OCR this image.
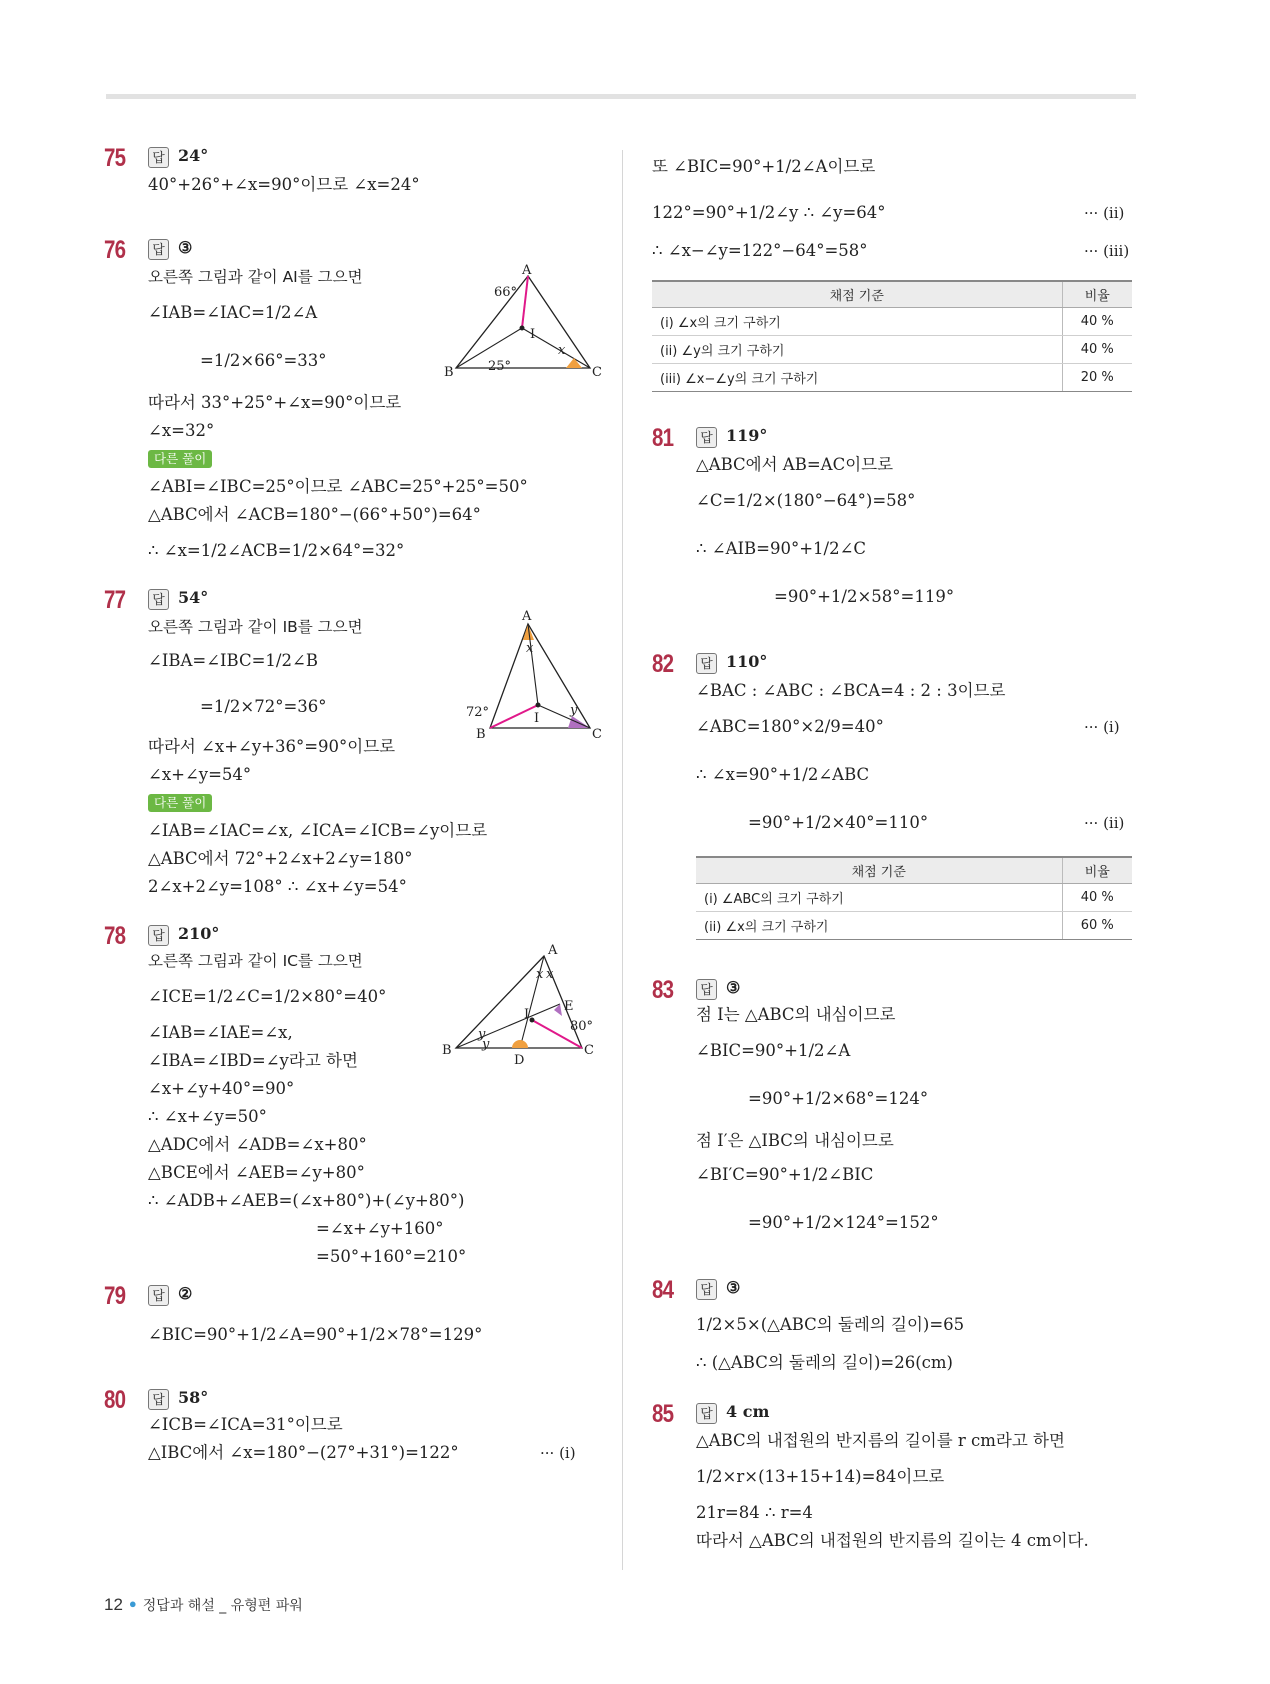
75	답 24°
40°+26°+∠x=90°이므로 ∠x=24°
76	답 ③
오른쪽 그림과 같이 AI를 그으면
∠IAB=∠IAC=1/2∠A
=1/2×66°=33°
따라서 33°+25°+∠x=90°이므로
∠x=32°
다른 풀이
∠ABI=∠IBC=25°이므로 ∠ABC=25°+25°=50°
△ABC에서 ∠ACB=180°−(66°+50°)=64°
∴ ∠x=1/2∠ACB=1/2×64°=32°
A
B	C
I
66°
25°
x
77	답 54°
오른쪽 그림과 같이 IB를 그으면
∠IBA=∠IBC=1/2∠B
=1/2×72°=36°
따라서 ∠x+∠y+36°=90°이므로
∠x+∠y=54°
다른 풀이
∠IAB=∠IAC=∠x, ∠ICA=∠ICB=∠y이므로
△ABC에서 72°+2∠x+2∠y=180°
2∠x+2∠y=108° ∴ ∠x+∠y=54°
A
B	C
I
72°
x
y
78	답 210°
오른쪽 그림과 같이 IC를 그으면
∠ICE=1/2∠C=1/2×80°=40°
∠IAB=∠IAE=∠x,
∠IBA=∠IBD=∠y라고 하면
∠x+∠y+40°=90°
∴ ∠x+∠y=50°
△ADC에서 ∠ADB=∠x+80°
△BCE에서 ∠AEB=∠y+80°
∴ ∠ADB+∠AEB=(∠x+80°)+(∠y+80°)
=∠x+∠y+160°
=50°+160°=210°
A
B	C
D
E
I
80°
x x
y
y
79	답 ②
∠BIC=90°+1/2∠A=90°+1/2×78°=129°
80	답 58°
∠ICB=∠ICA=31°이므로
△IBC에서 ∠x=180°−(27°+31°)=122°	··· (i)
또 ∠BIC=90°+1/2∠A이므로
122°=90°+1/2∠y ∴ ∠y=64°	··· (ii)
∴ ∠x−∠y=122°−64°=58°	··· (iii)
채점 기준	비율
(i) ∠x의 크기 구하기	40 %
(ii) ∠y의 크기 구하기	40 %
(iii) ∠x−∠y의 크기 구하기	20 %
81	답 119°
△ABC에서 AB=AC이므로
∠C=1/2×(180°−64°)=58°
∴ ∠AIB=90°+1/2∠C
=90°+1/2×58°=119°
82	답 110°
∠BAC : ∠ABC : ∠BCA=4 : 2 : 3이므로
∠ABC=180°×2/9=40°	··· (i)
∴ ∠x=90°+1/2∠ABC
=90°+1/2×40°=110°	··· (ii)
채점 기준	비율
(i) ∠ABC의 크기 구하기	40 %
(ii) ∠x의 크기 구하기	60 %
83	답 ③
점 I는 △ABC의 내심이므로
∠BIC=90°+1/2∠A
=90°+1/2×68°=124°
점 I′은 △IBC의 내심이므로
∠BI′C=90°+1/2∠BIC
=90°+1/2×124°=152°
84	답 ③
1/2×5×(△ABC의 둘레의 길이)=65
∴ (△ABC의 둘레의 길이)=26(cm)
85	답 4 cm
△ABC의 내접원의 반지름의 길이를 r cm라고 하면
1/2×r×(13+15+14)=84이므로
21r=84 ∴ r=4
따라서 △ABC의 내접원의 반지름의 길이는 4 cm이다.
12 ● 정답과 해설 _ 유형편 파워
